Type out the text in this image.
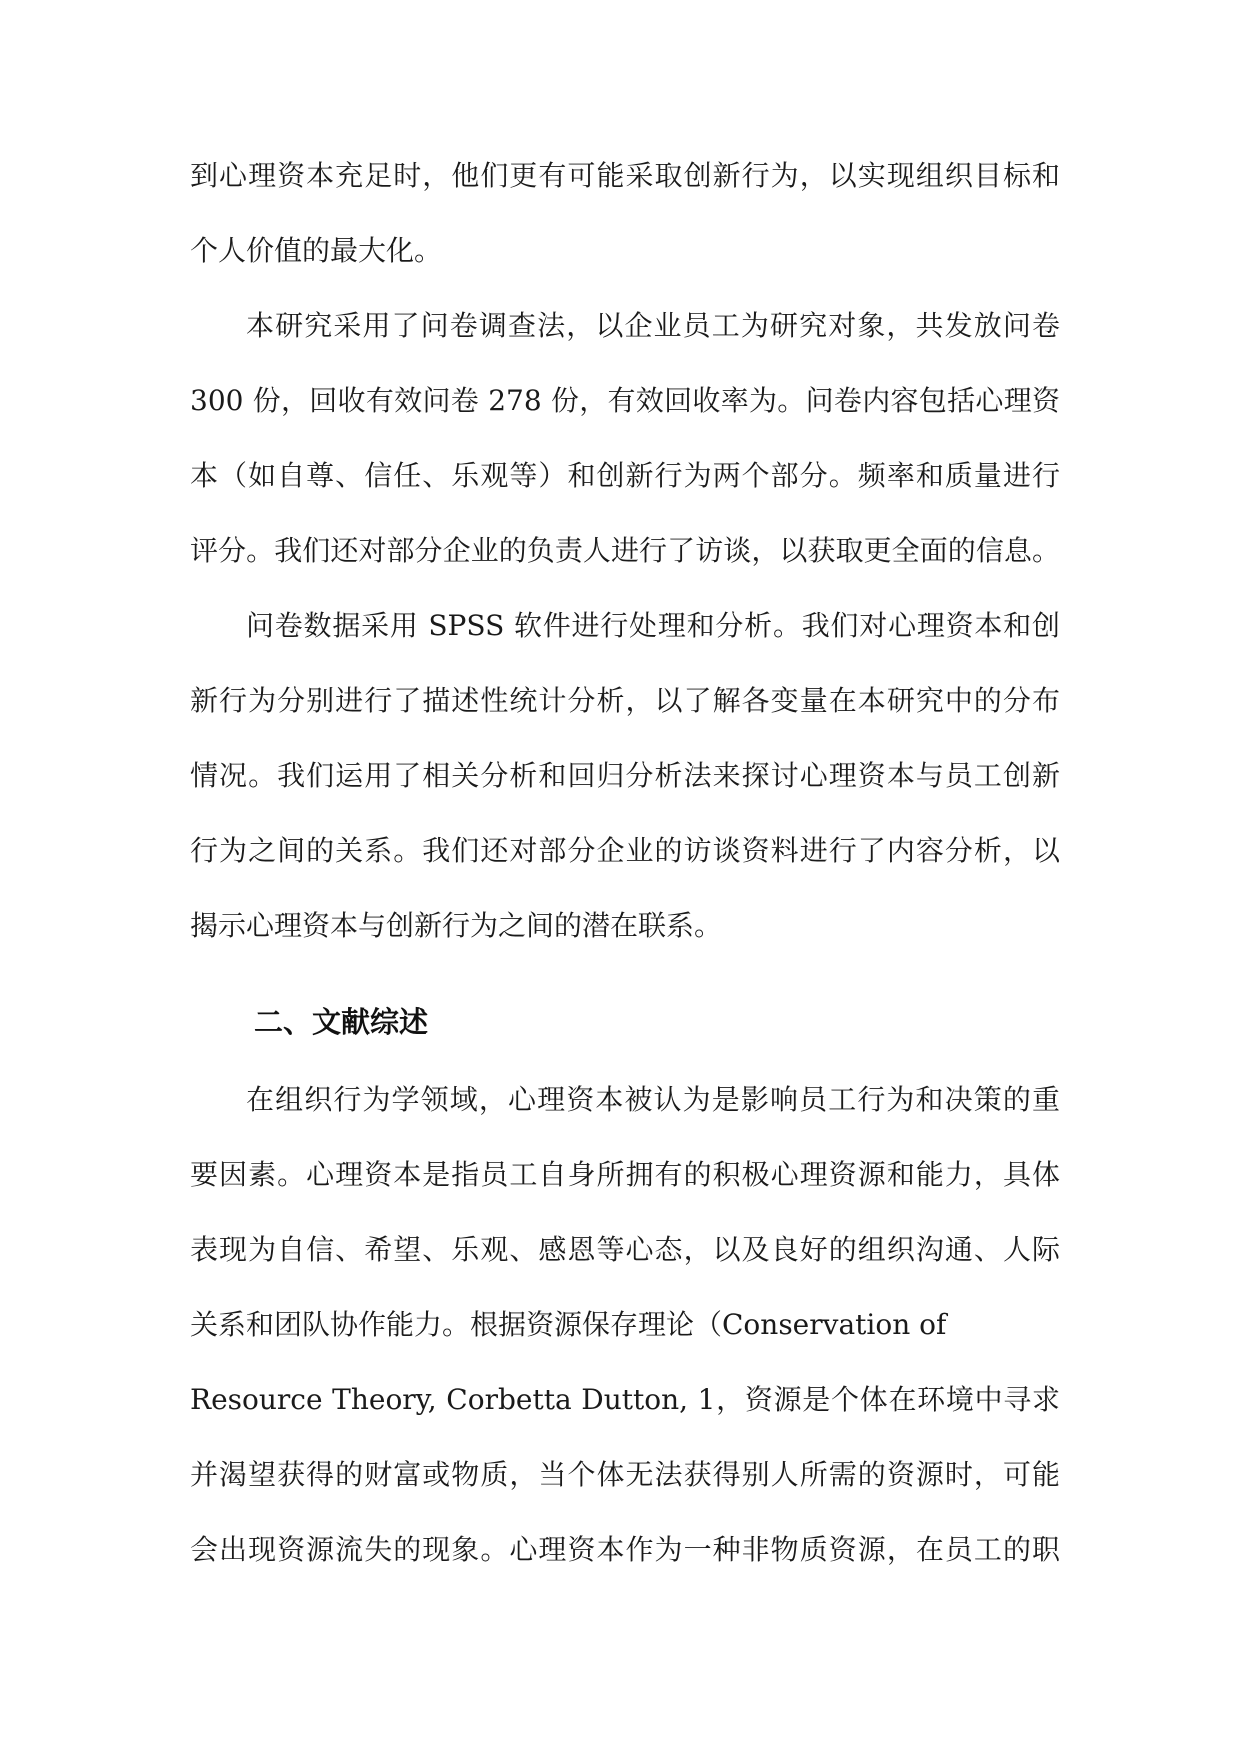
到心理资本充足时，他们更有可能采取创新行为，以实现组织目标和
个人价值的最大化。
本研究采用了问卷调查法，以企业员工为研究对象，共发放问卷
300 份，回收有效问卷 278 份，有效回收率为。问卷内容包括心理资
本（如自尊、信任、乐观等）和创新行为两个部分。频率和质量进行
评分。我们还对部分企业的负责人进行了访谈，以获取更全面的信息。
问卷数据采用 SPSS 软件进行处理和分析。我们对心理资本和创
新行为分别进行了描述性统计分析，以了解各变量在本研究中的分布
情况。我们运用了相关分析和回归分析法来探讨心理资本与员工创新
行为之间的关系。我们还对部分企业的访谈资料进行了内容分析，以
揭示心理资本与创新行为之间的潜在联系。
二、文献综述
在组织行为学领域，心理资本被认为是影响员工行为和决策的重
要因素。心理资本是指员工自身所拥有的积极心理资源和能力，具体
表现为自信、希望、乐观、感恩等心态，以及良好的组织沟通、人际
关系和团队协作能力。根据资源保存理论（Conservation of
Resource Theory, Corbetta Dutton, 1，资源是个体在环境中寻求
并渴望获得的财富或物质，当个体无法获得别人所需的资源时，可能
会出现资源流失的现象。心理资本作为一种非物质资源，在员工的职
